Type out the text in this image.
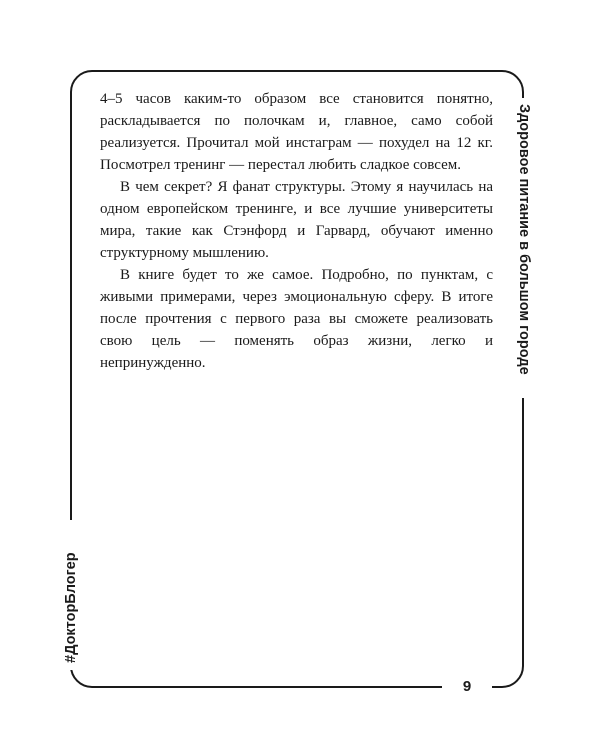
4–5 часов каким-то образом все становится понятно, раскладывается по полочкам и, главное, само собой реализуется. Прочитал мой инстаграм — похудел на 12 кг. Посмотрел тренинг — перестал любить сладкое совсем.

В чем секрет? Я фанат структуры. Этому я научилась на одном европейском тренинге, и все лучшие университеты мира, такие как Стэнфорд и Гарвард, обучают именно структурному мышлению.

В книге будет то же самое. Подробно, по пунктам, с живыми примерами, через эмоциональную сферу. В итоге после прочтения с первого раза вы сможете реализовать свою цель — поменять образ жизни, легко и непринужденно.	Здоровое питание в большом городе
#ДокторБлогер
9
